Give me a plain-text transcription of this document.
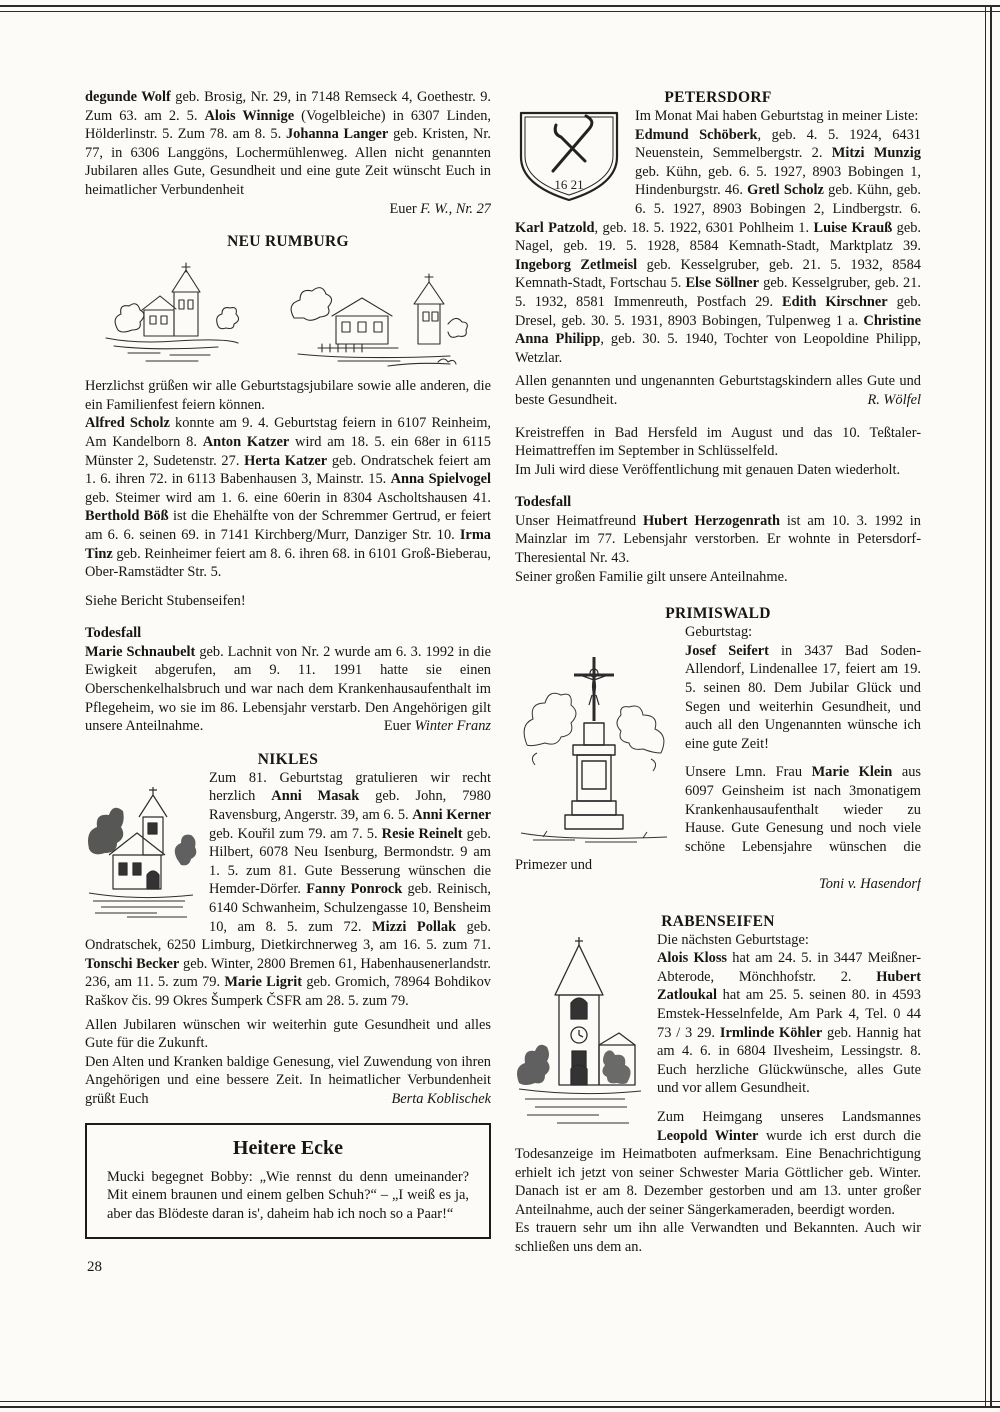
degunde Wolf geb. Brosig, Nr. 29, in 7148 Remseck 4, Goethestr. 9. Zum 63. am 2. 5. Alois Winnige (Vogelbleiche) in 6307 Linden, Hölderlinstr. 5. Zum 78. am 8. 5. Johanna Langer geb. Kristen, Nr. 77, in 6306 Langgöns, Lochermühlenweg. Allen nicht genannten Jubilaren alles Gute, Gesundheit und eine gute Zeit wünscht Euch in heimatlicher Verbundenheit

Euer F. W., Nr. 27
NEU RUMBURG

Herzlichst grüßen wir alle Geburtstagsjubilare sowie alle anderen, die ein Familienfest feiern können.

Alfred Scholz konnte am 9. 4. Geburtstag feiern in 6107 Reinheim, Am Kandelborn 8. Anton Katzer wird am 18. 5. ein 68er in 6115 Münster 2, Sudetenstr. 27. Herta Katzer geb. Ondratschek feiert am 1. 6. ihren 72. in 6113 Babenhausen 3, Mainstr. 15. Anna Spielvogel geb. Steimer wird am 1. 6. eine 60erin in 8304 Ascholtshausen 41. Berthold Böß ist die Ehehälfte von der Schremmer Gertrud, er feiert am 6. 6. seinen 69. in 7141 Kirchberg/Murr, Danziger Str. 10. Irma Tinz geb. Reinheimer feiert am 8. 6. ihren 68. in 6101 Groß-Bieberau, Ober-Ramstädter Str. 5.

Siehe Bericht Stubenseifen!

Todesfall

Marie Schnaubelt geb. Lachnit von Nr. 2 wurde am 6. 3. 1992 in die Ewigkeit abgerufen, am 9. 11. 1991 hatte sie einen Oberschenkelhalsbruch und war nach dem Krankenhausaufenthalt im Pflegeheim, wo sie im 86. Lebensjahr verstarb. Den Angehörigen gilt unsere Anteilnahme.	Euer Winter Franz
NIKLES

Zum 81. Geburtstag gratulieren wir recht herzlich Anni Masak geb. John, 7980 Ravensburg, Angerstr. 39, am 6. 5. Anni Kerner geb. Kouřil zum 79. am 7. 5. Resie Reinelt geb. Hilbert, 6078 Neu Isenburg, Bermondstr. 9 am 1. 5. zum 81. Gute Besserung wünschen die Hemder-Dörfer. Fanny Ponrock geb. Reinisch, 6140 Schwanheim, Schulzengasse 10, Bensheim 10, am 8. 5. zum 72. Mizzi Pollak geb. Ondratschek, 6250 Limburg, Dietkirchnerweg 3, am 16. 5. zum 71. Tonschi Becker geb. Winter, 2800 Bremen 61, Habenhausenerlandstr. 236, am 11. 5. zum 79. Marie Ligrit geb. Gromich, 78964 Bohdikov Raškov čis. 99 Okres Šumperk ČSFR am 28. 5. zum 79.

Allen Jubilaren wünschen wir weiterhin gute Gesundheit und alles Gute für die Zukunft.

Den Alten und Kranken baldige Genesung, viel Zuwendung von ihren Angehörigen und eine bessere Zeit. In heimatlicher Verbundenheit grüßt Euch	Berta Koblischek
Heitere Ecke

Mucki begegnet Bobby: „Wie rennst du denn umeinander? Mit einem braunen und einem gelben Schuh?“ – „I weiß es ja, aber das Blödeste daran is', daheim hab ich noch so a Paar!“

28
PETERSDORF
16 21

Im Monat Mai haben Geburtstag in meiner Liste:

Edmund Schöberk, geb. 4. 5. 1924, 6431 Neuenstein, Semmelbergstr. 2. Mitzi Munzig geb. Kühn, geb. 6. 5. 1927, 8903 Bobingen 1, Hindenburgstr. 46. Gretl Scholz geb. Kühn, geb. 6. 5. 1927, 8903 Bobingen 2, Lindbergstr. 6. Karl Patzold, geb. 18. 5. 1922, 6301 Pohlheim 1. Luise Krauß geb. Nagel, geb. 19. 5. 1928, 8584 Kemnath-Stadt, Marktplatz 39. Ingeborg Zetlmeisl geb. Kesselgruber, geb. 21. 5. 1932, 8584 Kemnath-Stadt, Fortschau 5. Else Söllner geb. Kesselgruber, geb. 21. 5. 1932, 8581 Immenreuth, Postfach 29. Edith Kirschner geb. Dresel, geb. 30. 5. 1931, 8903 Bobingen, Tulpenweg 1 a. Christine Anna Philipp, geb. 30. 5. 1940, Tochter von Leopoldine Philipp, Wetzlar.

Allen genannten und ungenannten Geburtstagskindern alles Gute und beste Gesundheit.	R. Wölfel

Kreistreffen in Bad Hersfeld im August und das 10. Teßtaler-Heimattreffen im September in Schlüsselfeld.

Im Juli wird diese Veröffentlichung mit genauen Daten wiederholt.

Todesfall

Unser Heimatfreund Hubert Herzogenrath ist am 10. 3. 1992 in Mainzlar im 77. Lebensjahr verstorben. Er wohnte in Petersdorf-Theresiental Nr. 43.

Seiner großen Familie gilt unsere Anteilnahme.

PRIMISWALD

Geburtstag:

Josef Seifert in 3437 Bad Soden-Allendorf, Lindenallee 17, feiert am 19. 5. seinen 80. Dem Jubilar Glück und Segen und weiterhin Gesundheit, und auch all den Ungenannten wünsche ich eine gute Zeit!

Unsere Lmn. Frau Marie Klein aus 6097 Geinsheim ist nach 3monatigem Krankenhausaufenthalt wieder zu Hause. Gute Genesung und noch viele schöne Lebensjahre wünschen die Primezer und

Toni v. Hasendorf
RABENSEIFEN

Die nächsten Geburtstage:

Alois Kloss hat am 24. 5. in 3447 Meißner-Abterode, Mönchhofstr. 2. Hubert Zatloukal hat am 25. 5. seinen 80. in 4593 Emstek-Hesselnfelde, Am Park 4, Tel. 0 44 73 / 3 29. Irmlinde Köhler geb. Hannig hat am 4. 6. in 6804 Ilvesheim, Lessingstr. 8. Euch herzliche Glückwünsche, alles Gute und vor allem Gesundheit.

Zum Heimgang unseres Landsmannes Leopold Winter wurde ich erst durch die Todesanzeige im Heimatboten aufmerksam. Eine Benachrichtigung erhielt ich jetzt von seiner Schwester Maria Göttlicher geb. Winter. Danach ist er am 8. Dezember gestorben und am 13. unter großer Anteilnahme, auch der seiner Sängerkameraden, beerdigt worden.

Es trauern sehr um ihn alle Verwandten und Bekannten. Auch wir schließen uns dem an.
